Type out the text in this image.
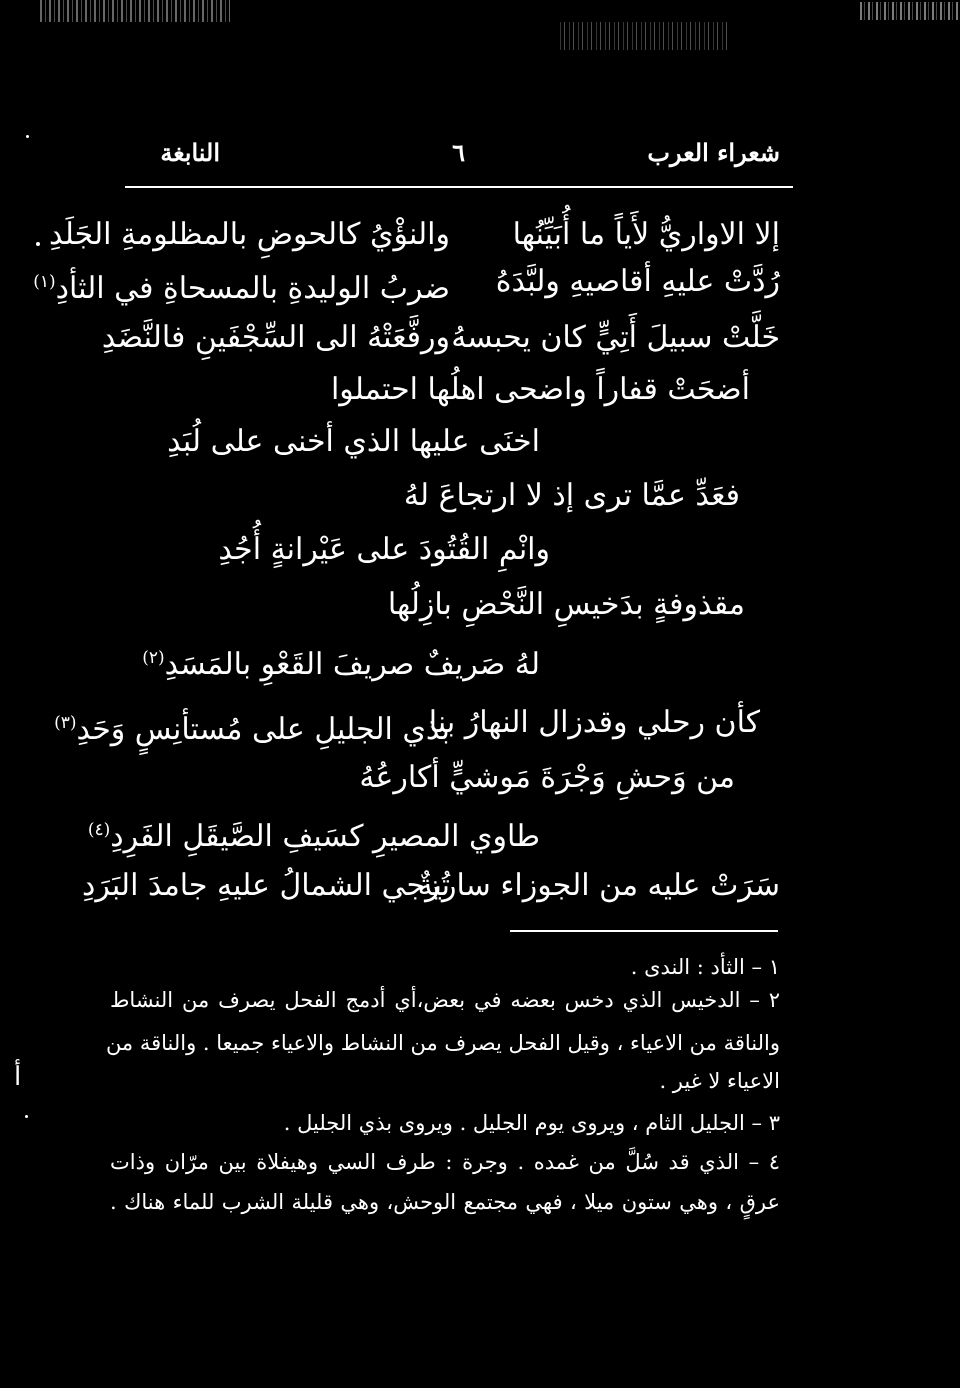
أ
شعراء العرب
٦
النابغة
إلا الاواريُّ لأَياً ما أُبَيِّنُها
والنؤْيُ كالحوضِ بالمظلومةِ الجَلَدِ
رُدَّتْ عليهِ أقاصيهِ ولبَّدَهُ
ضربُ الوليدةِ بالمسحاةِ في الثأدِ$^{(١)}$
خَلَّتْ سبيلَ أَتِيٍّ كان يحبسهُ
ورفَّعَتْهُ الى السِّجْفَينِ فالنَّضَدِ
أضحَتْ قفاراً واضحى اهلُها احتملوا
اخنَى عليها الذي أخنى على لُبَدِ
فعَدِّ عمَّا ترى إذ لا ارتجاعَ لهُ
وانْمِ القُتُودَ على عَيْرانةٍ أُجُدِ
مقذوفةٍ بدَخيسِ النَّحْضِ بازِلُها
لهُ صَريفٌ صريفَ القَعْوِ بالمَسَدِ$^{(٢)}$
كأن رحلي وقدزال النهارُ بنا
بذي الجليلِ على مُستأنِسٍ وَحَدِ$^{(٣)}$
من وَحشِ وَجْرَةَ مَوشيٍّ أكارعُهُ
طاوي المصيرِ كسَيفِ الصَّيقَلِ الفَرِدِ$^{(٤)}$
سَرَتْ عليه من الجوزاء ساريةٌ
تُزجي الشمالُ عليهِ جامدَ البَرَدِ
١ – الثأد : الندى .
٢ – الدخيس الذي دخس بعضه في بعض،أي أدمج الفحل يصرف من النشاط
والناقة من الاعياء ، وقيل الفحل يصرف من النشاط والاعياء جميعا . والناقة من
الاعياء لا غير .
٣ – الجليل الثام ، ويروى يوم الجليل . ويروى بذي الجليل .
٤ – الذي قد سُلَّ من غمده . وجرة : طرف السي وهيفلاة بين مرّان وذات
عرقٍ ، وهي ستون ميلا ، فهي مجتمع الوحش، وهي قليلة الشرب للماء هناك .
